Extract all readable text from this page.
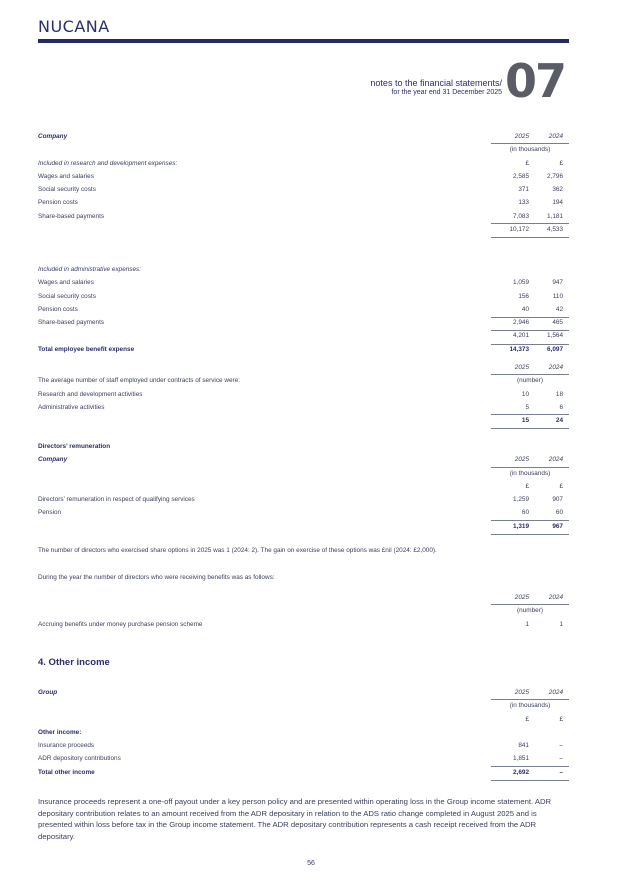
NUCANA
notes to the financial statements/
for the year end 31 December 2025 07
Company	2025	2024
(in thousands)
Included in research and development expenses:	£	£
Wages and salaries	2,585	2,796
Social security costs	371	362
Pension costs	133	194
Share-based payments	7,083	1,181
10,172	4,533
Included in administrative expenses:
Wages and salaries	1,059	947
Social security costs	156	110
Pension costs	40	42
Share-based payments	2,946	465
4,201	1,564
Total employee benefit expense	14,373	6,097
2025	2024
The average number of staff employed under contracts of service were:	(number)
Research and development activities	10	18
Administrative activities	5	6
15	24
Directors’ remuneration
Company	2025	2024
(in thousands)
£	£
Directors’ remuneration in respect of qualifying services	1,259	907
Pension	60	60
1,319	967
The number of directors who exercised share options in 2025 was 1 (2024: 2). The gain on exercise of these options was £nil (2024: £2,000).
During the year the number of directors who were receiving benefits was as follows:
2025	2024
(number)
Accruing benefits under money purchase pension scheme	1	1
4. Other income
Group	2025	2024
(in thousands)
£	£
Other income:
Insurance proceeds	841	–
ADR depository contributions	1,851	–
Total other income	2,692	–
Insurance proceeds represent a one-off payout under a key person policy and are presented within operating loss in the Group income statement. ADR depositary contribution relates to an amount received from the ADR depositary in relation to the ADS ratio change completed in August 2025 and is presented within loss before tax in the Group income statement. The ADR depositary contribution represents a cash receipt received from the ADR depositary.
56
